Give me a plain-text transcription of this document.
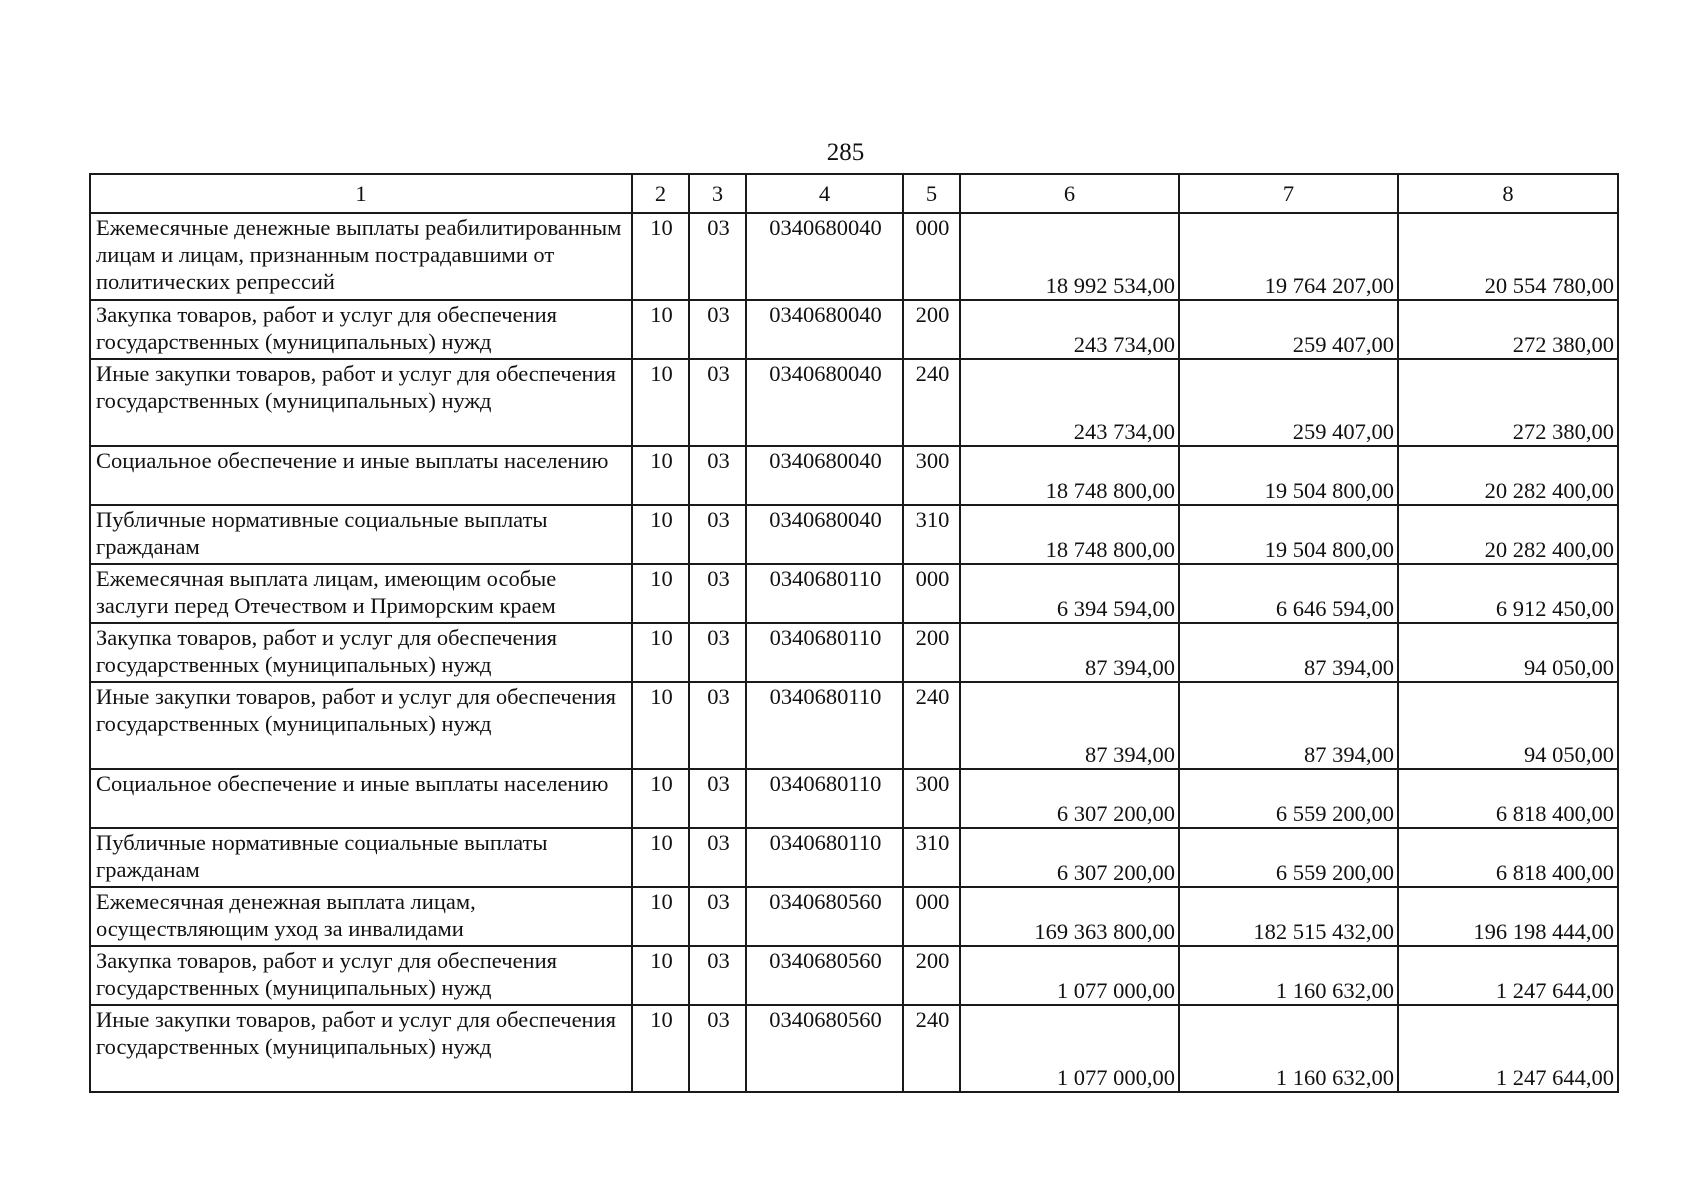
285
1	2	3	4	5	6	7	8
Ежемесячные денежные выплаты реабилитированным лицам и лицам, признанным пострадавшими от политических репрессий	10	03	0340680040	000	18 992 534,00	19 764 207,00	20 554 780,00
Закупка товаров, работ и услуг для обеспечения государственных (муниципальных) нужд	10	03	0340680040	200	243 734,00	259 407,00	272 380,00
Иные закупки товаров, работ и услуг для обеспечения государственных (муниципальных) нужд	10	03	0340680040	240	243 734,00	259 407,00	272 380,00
Социальное обеспечение и иные выплаты населению	10	03	0340680040	300	18 748 800,00	19 504 800,00	20 282 400,00
Публичные нормативные социальные выплаты гражданам	10	03	0340680040	310	18 748 800,00	19 504 800,00	20 282 400,00
Ежемесячная выплата лицам, имеющим особые заслуги перед Отечеством и Приморским краем	10	03	0340680110	000	6 394 594,00	6 646 594,00	6 912 450,00
Закупка товаров, работ и услуг для обеспечения государственных (муниципальных) нужд	10	03	0340680110	200	87 394,00	87 394,00	94 050,00
Иные закупки товаров, работ и услуг для обеспечения государственных (муниципальных) нужд	10	03	0340680110	240	87 394,00	87 394,00	94 050,00
Социальное обеспечение и иные выплаты населению	10	03	0340680110	300	6 307 200,00	6 559 200,00	6 818 400,00
Публичные нормативные социальные выплаты гражданам	10	03	0340680110	310	6 307 200,00	6 559 200,00	6 818 400,00
Ежемесячная денежная выплата лицам, осуществляющим уход за инвалидами	10	03	0340680560	000	169 363 800,00	182 515 432,00	196 198 444,00
Закупка товаров, работ и услуг для обеспечения государственных (муниципальных) нужд	10	03	0340680560	200	1 077 000,00	1 160 632,00	1 247 644,00
Иные закупки товаров, работ и услуг для обеспечения государственных (муниципальных) нужд	10	03	0340680560	240	1 077 000,00	1 160 632,00	1 247 644,00
